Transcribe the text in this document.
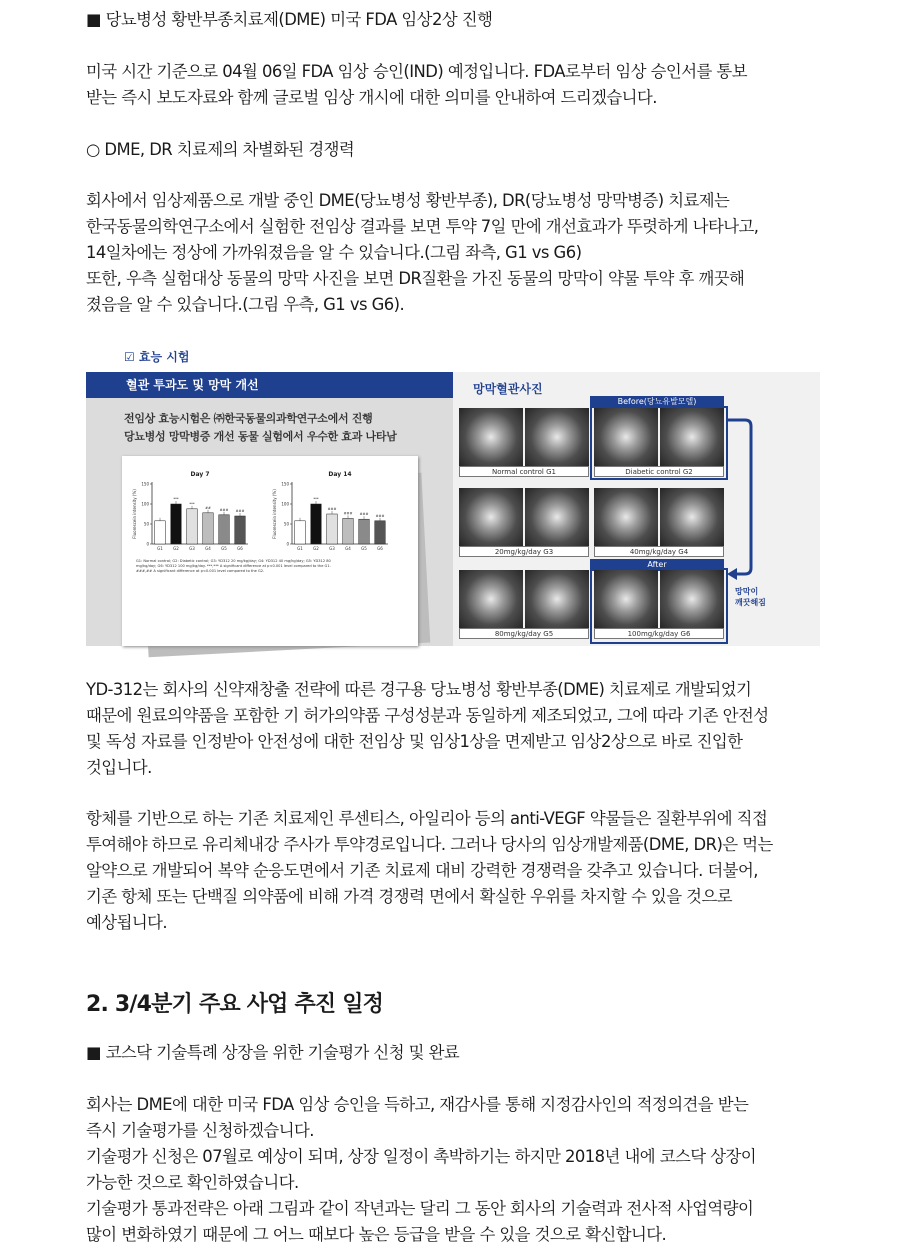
■ 당뇨병성 황반부종치료제(DME) 미국 FDA 임상2상 진행
미국 시간 기준으로 04월 06일 FDA 임상 승인(IND) 예정입니다. FDA로부터 임상 승인서를 통보
받는 즉시 보도자료와 함께 글로벌 임상 개시에 대한 의미를 안내하여 드리겠습니다.
○ DME, DR 치료제의 차별화된 경쟁력
회사에서 임상제품으로 개발 중인 DME(당뇨병성 황반부종), DR(당뇨병성 망막병증) 치료제는
한국동물의학연구소에서 실험한 전임상 결과를 보면 투약 7일 만에 개선효과가 뚜렷하게 나타나고,
14일차에는 정상에 가까워졌음을 알 수 있습니다.(그림 좌측, G1 vs G6)
또한, 우측 실험대상 동물의 망막 사진을 보면 DR질환을 가진 동물의 망막이 약물 투약 후 깨끗해
졌음을 알 수 있습니다.(그림 우측, G1 vs G6).
☑ 효능 시험
혈관 투과도 및 망막 개선
전임상 효능시험은 ㈜한국동물의과학연구소에서 진행
당뇨병성 망막병증 개선 동물 실험에서 우수한 효과 나타남
Day 7
Fluorescein intensity (%)
0
50
100
150
G1
***
G2
***
G3
##
G4
###
G5
###
G6
Day 14
Fluorescein intensity (%)
0
50
100
150
G1
***
G2
###
G3
###
G4
###
G5
###
G6
G1: Normal control; G2: Diabetic control; G3: YD312 20 mg/kg/day; G4: YD312 40 mg/kg/day; G5: YD312 80 mg/kg/day; G6: YD312 100 mg/kg/day. ***,*** A significant difference at p<0.001 level compared to the G1. ###,## A significant difference at p<0.001 level compared to the G2.
망막혈관사진
Before(당뇨유발모델)
Normal control G1	Diabetic control G2
20mg/kg/day G3	40mg/kg/day G4
After
80mg/kg/day G5	100mg/kg/day G6
망막이
깨끗해짐
YD-312는 회사의 신약재창출 전략에 따른 경구용 당뇨병성 황반부종(DME) 치료제로 개발되었기
때문에 원료의약품을 포함한 기 허가의약품 구성성분과 동일하게 제조되었고, 그에 따라 기존 안전성
및 독성 자료를 인정받아 안전성에 대한 전임상 및 임상1상을 면제받고 임상2상으로 바로 진입한
것입니다.
항체를 기반으로 하는 기존 치료제인 루센티스, 아일리아 등의 anti-VEGF 약물들은 질환부위에 직접
투여해야 하므로 유리체내강 주사가 투약경로입니다. 그러나 당사의 임상개발제품(DME, DR)은 먹는
알약으로 개발되어 복약 순응도면에서 기존 치료제 대비 강력한 경쟁력을 갖추고 있습니다. 더불어,
기존 항체 또는 단백질 의약품에 비해 가격 경쟁력 면에서 확실한 우위를 차지할 수 있을 것으로
예상됩니다.
2. 3/4분기 주요 사업 추진 일정
■ 코스닥 기술특례 상장을 위한 기술평가 신청 및 완료
회사는 DME에 대한 미국 FDA 임상 승인을 득하고, 재감사를 통해 지정감사인의 적정의견을 받는
즉시 기술평가를 신청하겠습니다.
기술평가 신청은 07월로 예상이 되며, 상장 일정이 촉박하기는 하지만 2018년 내에 코스닥 상장이
가능한 것으로 확인하였습니다.
기술평가 통과전략은 아래 그림과 같이 작년과는 달리 그 동안 회사의 기술력과 전사적 사업역량이
많이 변화하였기 때문에 그 어느 때보다 높은 등급을 받을 수 있을 것으로 확신합니다.
